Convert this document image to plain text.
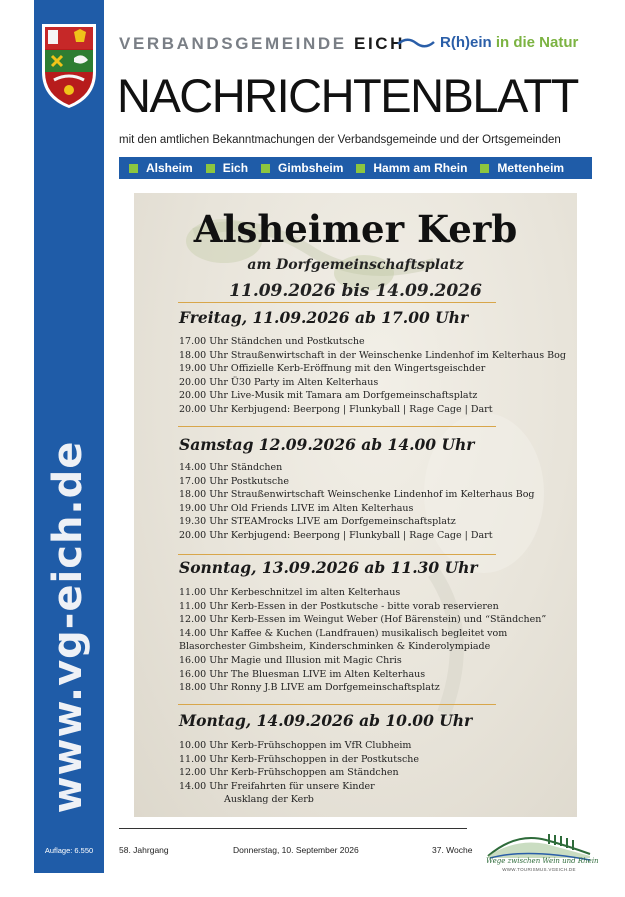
www.vg-eich.de
Auflage: 6.550
VERBANDSGEMEINDE EICH R(h)ein in die Natur
NACHRICHTENBLATT
mit den amtlichen Bekanntmachungen der Verbandsgemeinde und der Ortsgemeinden
Alsheim	Eich	Gimbsheim	Hamm am Rhein	Mettenheim
Alsheimer Kerb
am Dorfgemeinschaftsplatz
11.09.2026 bis 14.09.2026
Freitag, 11.09.2026 ab 17.00 Uhr
17.00 Uhr Ständchen und Postkutsche
18.00 Uhr Straußenwirtschaft in der Weinschenke Lindenhof im Kelterhaus Bog
19.00 Uhr Offizielle Kerb-Eröffnung mit den Wingertsgeischder
20.00 Uhr Ü30 Party im Alten Kelterhaus
20.00 Uhr Live-Musik mit Tamara am Dorfgemeinschaftsplatz
20.00 Uhr Kerbjugend: Beerpong | Flunkyball | Rage Cage | Dart
Samstag 12.09.2026 ab 14.00 Uhr
14.00 Uhr Ständchen
17.00 Uhr Postkutsche
18.00 Uhr Straußenwirtschaft Weinschenke Lindenhof im Kelterhaus Bog
19.00 Uhr Old Friends LIVE im Alten Kelterhaus
19.30 Uhr STEAMrocks LIVE am Dorfgemeinschaftsplatz
20.00 Uhr Kerbjugend: Beerpong | Flunkyball | Rage Cage | Dart
Sonntag, 13.09.2026 ab 11.30 Uhr
11.00 Uhr Kerbeschnitzel im alten Kelterhaus
11.00 Uhr Kerb-Essen in der Postkutsche - bitte vorab reservieren
12.00 Uhr Kerb-Essen im Weingut Weber (Hof Bärenstein) und “Ständchen”
14.00 Uhr Kaffee & Kuchen (Landfrauen) musikalisch begleitet vom
Blasorchester Gimbsheim, Kinderschminken & Kinderolympiade
16.00 Uhr Magie und Illusion mit Magic Chris
16.00 Uhr The Bluesman LIVE im Alten Kelterhaus
18.00 Uhr Ronny J.B LIVE am Dorfgemeinschaftsplatz
Montag, 14.09.2026 ab 10.00 Uhr
10.00 Uhr Kerb-Frühschoppen im VfR Clubheim
11.00 Uhr Kerb-Frühschoppen in der Postkutsche
12.00 Uhr Kerb-Frühschoppen am Ständchen
14.00 Uhr Freifahrten für unsere Kinder
Ausklang der Kerb
58. Jahrgang	Donnerstag, 10. September 2026	37. Woche
Wege zwischen Wein und Rhein
WWW.TOURISMUS.VGEICH.DE
